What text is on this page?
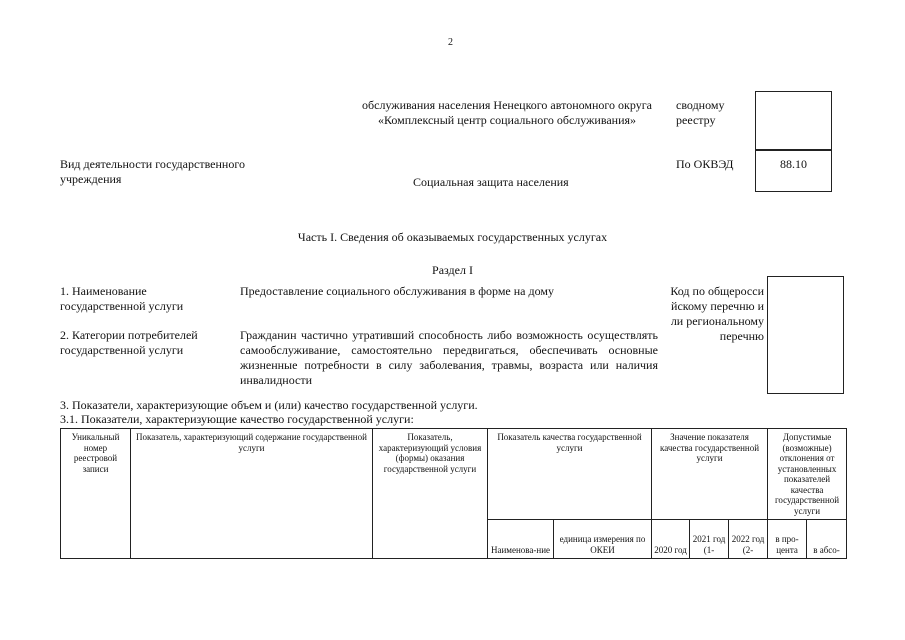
2
обслуживания населения Ненецкого автономного округа «Комплексный центр социального обслуживания»
сводному реестру
Вид деятельности государственного учреждения	Социальная защита населения
По ОКВЭД	88.10
Часть I. Сведения об оказываемых государственных услугах
Раздел I
1. Наименование государственной услуги
Предоставление социального обслуживания в форме на дому
2. Категории потребителей государственной услуги
Гражданин частично утративший способность либо возможность осуществлять самообслуживание, самостоятельно передвигаться, обеспечивать основные жизненные потребности в силу заболевания, травмы, возраста или наличия инвалидности
Код по общероссийскому перечню или региональному перечню
3. Показатели, характеризующие объем и (или) качество государственной услуги.
3.1. Показатели, характеризующие качество государственной услуги:
Уникальный номер реестровой записи	Показатель, характеризующий содержание государственной услуги	Показатель, характеризующий условия (формы) оказания государственной услуги	Показатель качества государственной услуги		Значение показателя качества государственной услуги			Допустимые (возможные) отклонения от установленных показателей качества государственной услуги	
			Наименова-ние	единица измерения по ОКЕИ	2020 год	2021 год (1-	2022 год (2-	в про-цента	в абсо-
